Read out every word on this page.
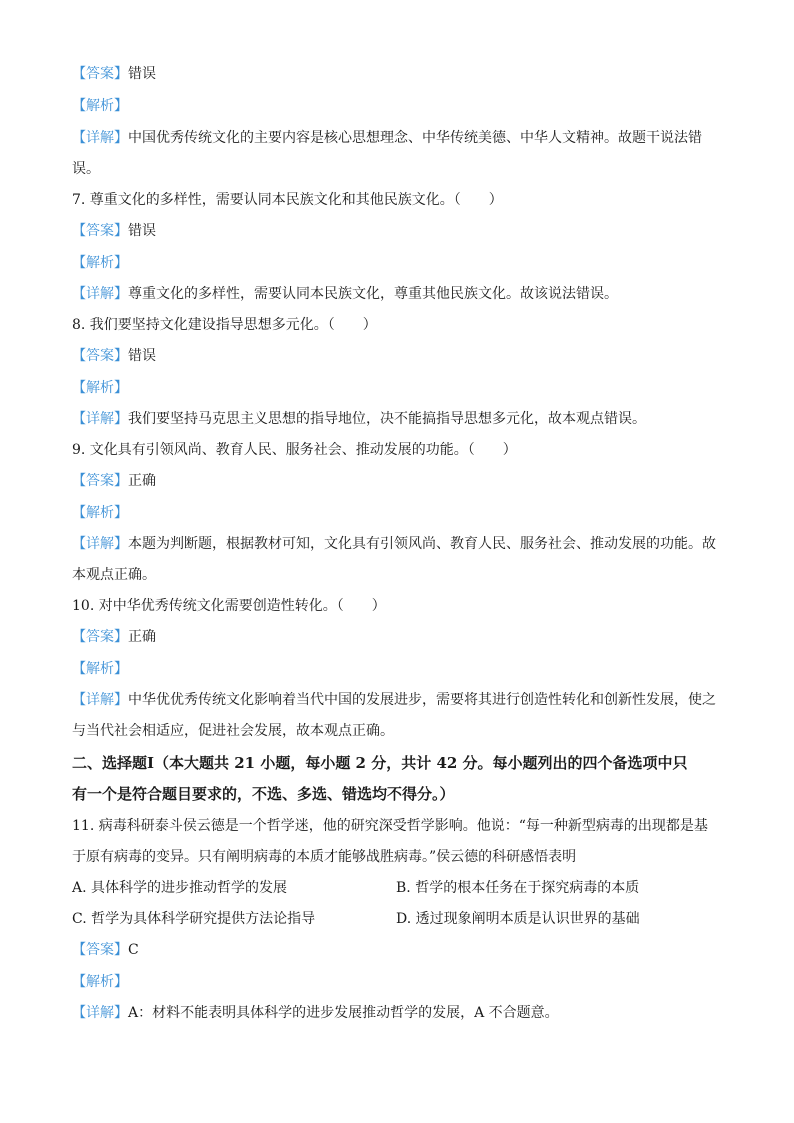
【答案】错误
【解析】
【详解】中国优秀传统文化的主要内容是核心思想理念、中华传统美德、中华人文精神。故题干说法错
误。
7. 尊重文化的多样性，需要认同本民族文化和其他民族文化。（　　）
【答案】错误
【解析】
【详解】尊重文化的多样性，需要认同本民族文化，尊重其他民族文化。故该说法错误。
8. 我们要坚持文化建设指导思想多元化。（　　）
【答案】错误
【解析】
【详解】我们要坚持马克思主义思想的指导地位，决不能搞指导思想多元化，故本观点错误。
9. 文化具有引领风尚、教育人民、服务社会、推动发展的功能。（　　）
【答案】正确
【解析】
【详解】本题为判断题，根据教材可知，文化具有引领风尚、教育人民、服务社会、推动发展的功能。故
本观点正确。
10. 对中华优秀传统文化需要创造性转化。（　　）
【答案】正确
【解析】
【详解】中华优优秀传统文化影响着当代中国的发展进步，需要将其进行创造性转化和创新性发展，使之
与当代社会相适应，促进社会发展，故本观点正确。
二、选择题Ⅰ（本大题共 21 小题，每小题 2 分，共计 42 分。每小题列出的四个备选项中只
有一个是符合题目要求的，不选、多选、错选均不得分。）
11. 病毒科研泰斗侯云德是一个哲学迷，他的研究深受哲学影响。他说：“每一种新型病毒的出现都是基
于原有病毒的变异。只有阐明病毒的本质才能够战胜病毒。”侯云德的科研感悟表明
A. 具体科学的进步推动哲学的发展	B. 哲学的根本任务在于探究病毒的本质
C. 哲学为具体科学研究提供方法论指导	D. 透过现象阐明本质是认识世界的基础
【答案】C
【解析】
【详解】A：材料不能表明具体科学的进步发展推动哲学的发展，A 不合题意。
